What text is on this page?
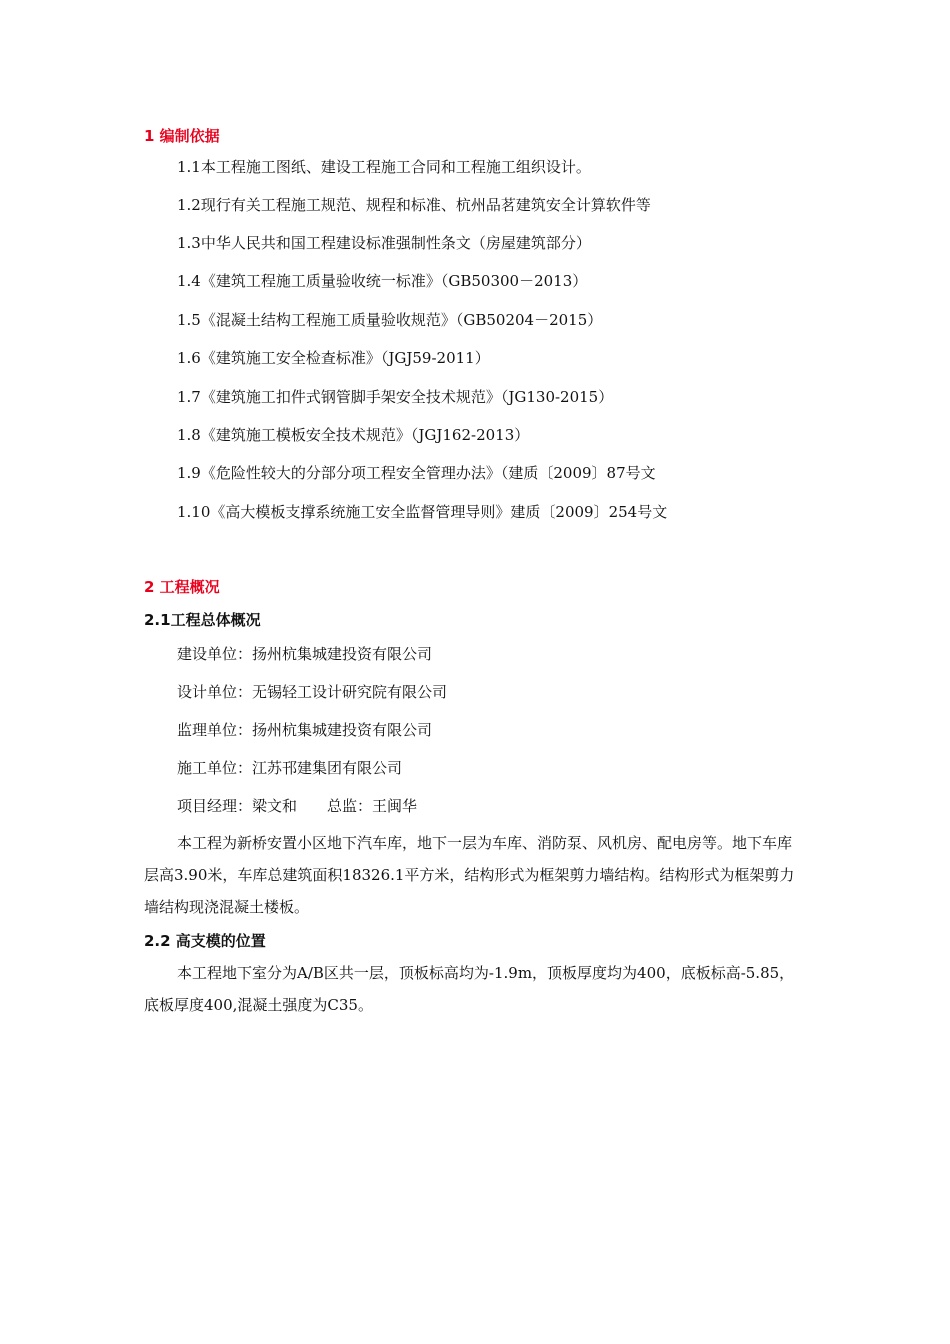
1 编制依据
1.1本工程施工图纸、建设工程施工合同和工程施工组织设计。
1.2现行有关工程施工规范、规程和标准、杭州品茗建筑安全计算软件等
1.3中华人民共和国工程建设标准强制性条文（房屋建筑部分）
1.4《建筑工程施工质量验收统一标准》（GB50300－2013）
1.5《混凝土结构工程施工质量验收规范》（GB50204－2015）
1.6《建筑施工安全检查标准》（JGJ59-2011）
1.7《建筑施工扣件式钢管脚手架安全技术规范》（JG130-2015）
1.8《建筑施工模板安全技术规范》（JGJ162-2013）
1.9《危险性较大的分部分项工程安全管理办法》（建质〔2009〕87号文
1.10《高大模板支撑系统施工安全监督管理导则》建质〔2009〕254号文
2 工程概况
2.1工程总体概况
建设单位：扬州杭集城建投资有限公司
设计单位：无锡轻工设计研究院有限公司
监理单位：扬州杭集城建投资有限公司
施工单位：江苏邗建集团有限公司
项目经理：梁文和　　总监：王闽华
本工程为新桥安置小区地下汽车库，地下一层为车库、消防泵、风机房、配电房等。地下车库层高3.90米，车库总建筑面积18326.1平方米，结构形式为框架剪力墙结构。结构形式为框架剪力墙结构现浇混凝土楼板。
2.2 高支模的位置
本工程地下室分为A/B区共一层，顶板标高均为-1.9m，顶板厚度均为400，底板标高-5.85，底板厚度400,混凝土强度为C35。
